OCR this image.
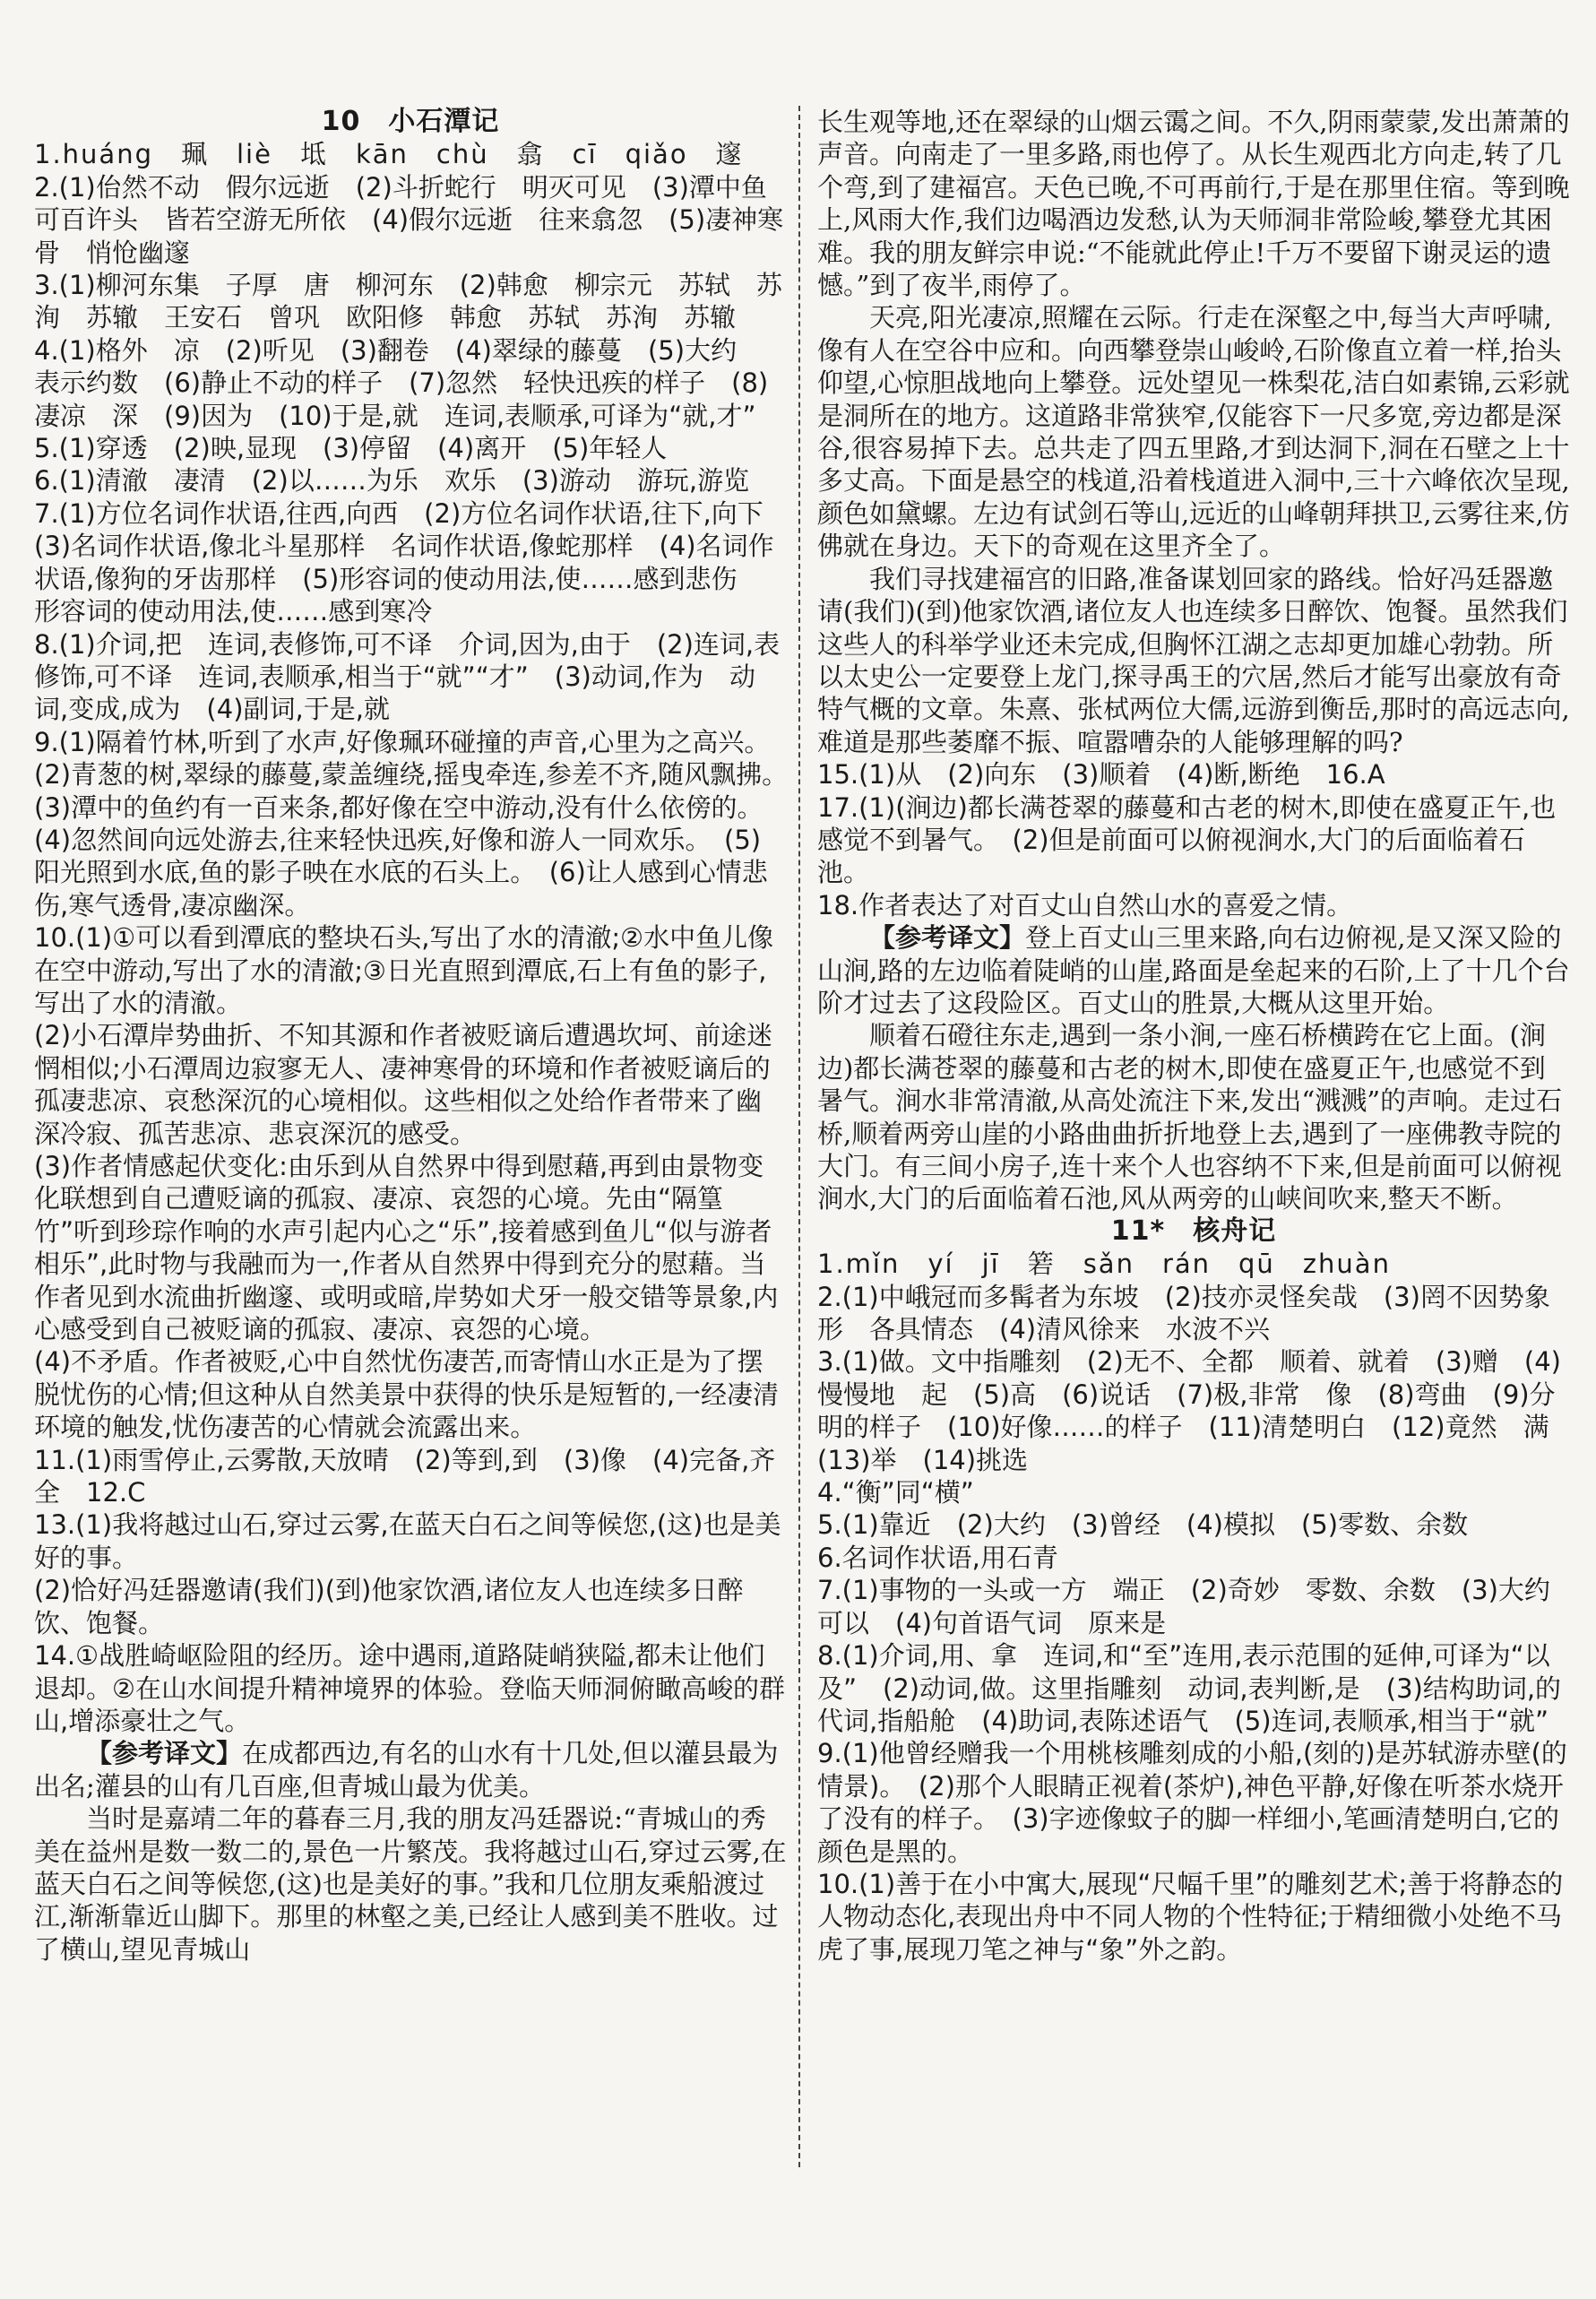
10　小石潭记

1.huáng　珮　liè　坻　kān　chù　翕　cī　qiǎo　邃

2.(1)佁然不动　假尔远逝　(2)斗折蛇行　明灭可见　(3)潭中鱼可百许头　皆若空游无所依　(4)假尔远逝　往来翕忽　(5)凄神寒骨　悄怆幽邃

3.(1)柳河东集　子厚　唐　柳河东　(2)韩愈　柳宗元　苏轼　苏洵　苏辙　王安石　曾巩　欧阳修　韩愈　苏轼　苏洵　苏辙

4.(1)格外　凉　(2)听见　(3)翻卷　(4)翠绿的藤蔓　(5)大约　表示约数　(6)静止不动的样子　(7)忽然　轻快迅疾的样子　(8)凄凉　深　(9)因为　(10)于是,就　连词,表顺承,可译为“就,才”

5.(1)穿透　(2)映,显现　(3)停留　(4)离开　(5)年轻人

6.(1)清澈　凄清　(2)以……为乐　欢乐　(3)游动　游玩,游览

7.(1)方位名词作状语,往西,向西　(2)方位名词作状语,往下,向下　(3)名词作状语,像北斗星那样　名词作状语,像蛇那样　(4)名词作状语,像狗的牙齿那样　(5)形容词的使动用法,使……感到悲伤　形容词的使动用法,使……感到寒冷

8.(1)介词,把　连词,表修饰,可不译　介词,因为,由于　(2)连词,表修饰,可不译　连词,表顺承,相当于“就”“才”　(3)动词,作为　动词,变成,成为　(4)副词,于是,就

9.(1)隔着竹林,听到了水声,好像珮环碰撞的声音,心里为之高兴。　(2)青葱的树,翠绿的藤蔓,蒙盖缠绕,摇曳牵连,参差不齐,随风飘拂。　(3)潭中的鱼约有一百来条,都好像在空中游动,没有什么依傍的。　(4)忽然间向远处游去,往来轻快迅疾,好像和游人一同欢乐。　(5)阳光照到水底,鱼的影子映在水底的石头上。　(6)让人感到心情悲伤,寒气透骨,凄凉幽深。

10.(1)①可以看到潭底的整块石头,写出了水的清澈;②水中鱼儿像在空中游动,写出了水的清澈;③日光直照到潭底,石上有鱼的影子,写出了水的清澈。

(2)小石潭岸势曲折、不知其源和作者被贬谪后遭遇坎坷、前途迷惘相似;小石潭周边寂寥无人、凄神寒骨的环境和作者被贬谪后的孤凄悲凉、哀愁深沉的心境相似。这些相似之处给作者带来了幽深冷寂、孤苦悲凉、悲哀深沉的感受。

(3)作者情感起伏变化:由乐到从自然界中得到慰藉,再到由景物变化联想到自己遭贬谪的孤寂、凄凉、哀怨的心境。先由“隔篁竹”听到珍琮作响的水声引起内心之“乐”,接着感到鱼儿“似与游者相乐”,此时物与我融而为一,作者从自然界中得到充分的慰藉。当作者见到水流曲折幽邃、或明或暗,岸势如犬牙一般交错等景象,内心感受到自己被贬谪的孤寂、凄凉、哀怨的心境。

(4)不矛盾。作者被贬,心中自然忧伤凄苦,而寄情山水正是为了摆脱忧伤的心情;但这种从自然美景中获得的快乐是短暂的,一经凄清环境的触发,忧伤凄苦的心情就会流露出来。

11.(1)雨雪停止,云雾散,天放晴　(2)等到,到　(3)像　(4)完备,齐全　12.C

13.(1)我将越过山石,穿过云雾,在蓝天白石之间等候您,(这)也是美好的事。

(2)恰好冯廷器邀请(我们)(到)他家饮酒,诸位友人也连续多日醉饮、饱餐。

14.①战胜崎岖险阻的经历。途中遇雨,道路陡峭狭隘,都未让他们退却。②在山水间提升精神境界的体验。登临天师洞俯瞰高峻的群山,增添豪壮之气。

【参考译文】在成都西边,有名的山水有十几处,但以灌县最为出名;灌县的山有几百座,但青城山最为优美。

当时是嘉靖二年的暮春三月,我的朋友冯廷器说:“青城山的秀美在益州是数一数二的,景色一片繁茂。我将越过山石,穿过云雾,在蓝天白石之间等候您,(这)也是美好的事。”我和几位朋友乘船渡过江,渐渐靠近山脚下。那里的林壑之美,已经让人感到美不胜收。过了横山,望见青城山

长生观等地,还在翠绿的山烟云霭之间。不久,阴雨蒙蒙,发出萧萧的声音。向南走了一里多路,雨也停了。从长生观西北方向走,转了几个弯,到了建福宫。天色已晚,不可再前行,于是在那里住宿。等到晚上,风雨大作,我们边喝酒边发愁,认为天师洞非常险峻,攀登尤其困难。我的朋友鲜宗申说:“不能就此停止!千万不要留下谢灵运的遗憾。”到了夜半,雨停了。

天亮,阳光凄凉,照耀在云际。行走在深壑之中,每当大声呼啸,像有人在空谷中应和。向西攀登崇山峻岭,石阶像直立着一样,抬头仰望,心惊胆战地向上攀登。远处望见一株梨花,洁白如素锦,云彩就是洞所在的地方。这道路非常狭窄,仅能容下一尺多宽,旁边都是深谷,很容易掉下去。总共走了四五里路,才到达洞下,洞在石壁之上十多丈高。下面是悬空的栈道,沿着栈道进入洞中,三十六峰依次呈现,颜色如黛螺。左边有试剑石等山,远近的山峰朝拜拱卫,云雾往来,仿佛就在身边。天下的奇观在这里齐全了。

我们寻找建福宫的旧路,准备谋划回家的路线。恰好冯廷器邀请(我们)(到)他家饮酒,诸位友人也连续多日醉饮、饱餐。虽然我们这些人的科举学业还未完成,但胸怀江湖之志却更加雄心勃勃。所以太史公一定要登上龙门,探寻禹王的穴居,然后才能写出豪放有奇特气概的文章。朱熹、张栻两位大儒,远游到衡岳,那时的高远志向,难道是那些萎靡不振、喧嚣嘈杂的人能够理解的吗?

15.(1)从　(2)向东　(3)顺着　(4)断,断绝　16.A

17.(1)(涧边)都长满苍翠的藤蔓和古老的树木,即使在盛夏正午,也感觉不到暑气。　(2)但是前面可以俯视涧水,大门的后面临着石池。

18.作者表达了对百丈山自然山水的喜爱之情。

【参考译文】登上百丈山三里来路,向右边俯视,是又深又险的山涧,路的左边临着陡峭的山崖,路面是垒起来的石阶,上了十几个台阶才过去了这段险区。百丈山的胜景,大概从这里开始。

顺着石磴往东走,遇到一条小涧,一座石桥横跨在它上面。(涧边)都长满苍翠的藤蔓和古老的树木,即使在盛夏正午,也感觉不到暑气。涧水非常清澈,从高处流注下来,发出“溅溅”的声响。走过石桥,顺着两旁山崖的小路曲曲折折地登上去,遇到了一座佛教寺院的大门。有三间小房子,连十来个人也容纳不下来,但是前面可以俯视涧水,大门的后面临着石池,风从两旁的山峡间吹来,整天不断。

11*　核舟记

1.mǐn　yí　jī　箬　sǎn　rán　qū　zhuàn

2.(1)中峨冠而多髯者为东坡　(2)技亦灵怪矣哉　(3)罔不因势象形　各具情态　(4)清风徐来　水波不兴

3.(1)做。文中指雕刻　(2)无不、全都　顺着、就着　(3)赠　(4)慢慢地　起　(5)高　(6)说话　(7)极,非常　像　(8)弯曲　(9)分明的样子　(10)好像……的样子　(11)清楚明白　(12)竟然　满　(13)举　(14)挑选

4.“衡”同“横”

5.(1)靠近　(2)大约　(3)曾经　(4)模拟　(5)零数、余数

6.名词作状语,用石青

7.(1)事物的一头或一方　端正　(2)奇妙　零数、余数　(3)大约　可以　(4)句首语气词　原来是

8.(1)介词,用、拿　连词,和“至”连用,表示范围的延伸,可译为“以及”　(2)动词,做。这里指雕刻　动词,表判断,是　(3)结构助词,的　代词,指船舱　(4)助词,表陈述语气　(5)连词,表顺承,相当于“就”

9.(1)他曾经赠我一个用桃核雕刻成的小船,(刻的)是苏轼游赤壁(的情景)。　(2)那个人眼睛正视着(茶炉),神色平静,好像在听茶水烧开了没有的样子。　(3)字迹像蚊子的脚一样细小,笔画清楚明白,它的颜色是黑的。

10.(1)善于在小中寓大,展现“尺幅千里”的雕刻艺术;善于将静态的人物动态化,表现出舟中不同人物的个性特征;于精细微小处绝不马虎了事,展现刀笔之神与“象”外之韵。
